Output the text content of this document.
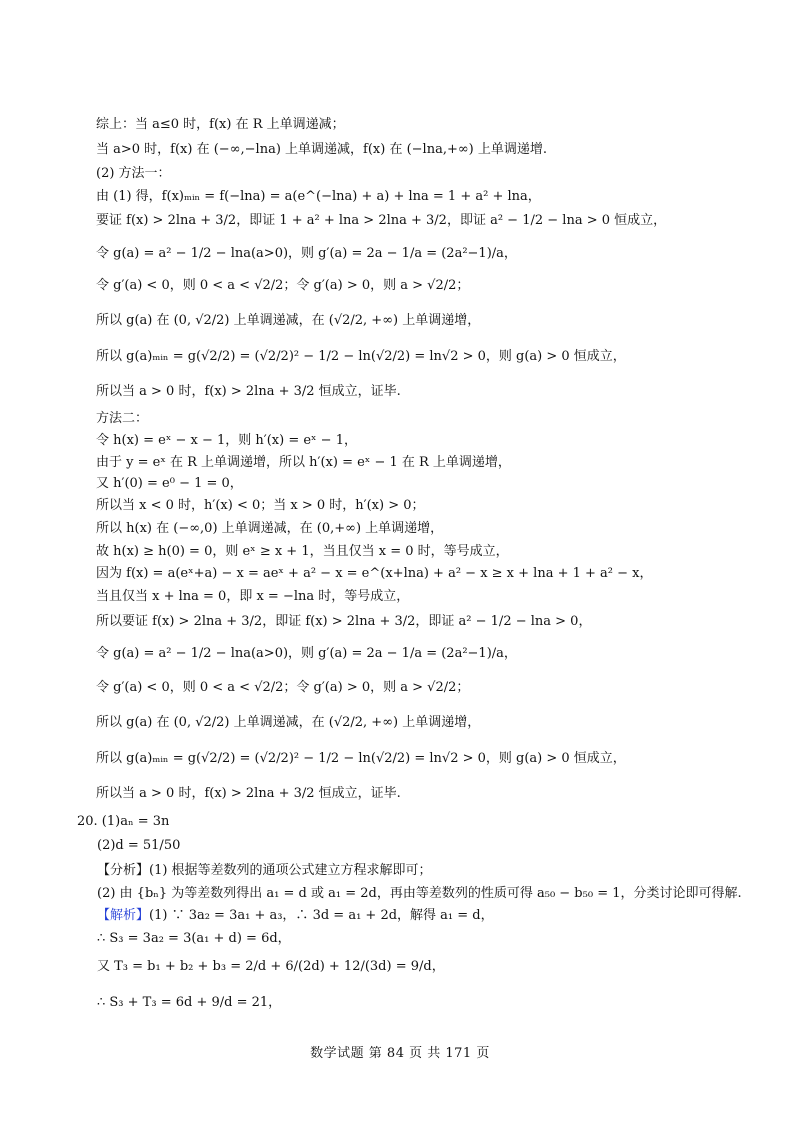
综上：当 a≤0 时，f(x) 在 R 上单调递减；
当 a>0 时，f(x) 在 (−∞,−lna) 上单调递减，f(x) 在 (−lna,+∞) 上单调递增.
(2) 方法一：
由 (1) 得，f(x)ₘᵢₙ = f(−lna) = a(e^(−lna) + a) + lna = 1 + a² + lna，
要证 f(x) > 2lna + 3/2，即证 1 + a² + lna > 2lna + 3/2，即证 a² − 1/2 − lna > 0 恒成立，
令 g(a) = a² − 1/2 − lna(a>0)，则 g′(a) = 2a − 1/a = (2a²−1)/a，
令 g′(a) < 0，则 0 < a < √2/2；令 g′(a) > 0，则 a > √2/2；
所以 g(a) 在 (0, √2/2) 上单调递减，在 (√2/2, +∞) 上单调递增，
所以 g(a)ₘᵢₙ = g(√2/2) = (√2/2)² − 1/2 − ln(√2/2) = ln√2 > 0，则 g(a) > 0 恒成立，
所以当 a > 0 时，f(x) > 2lna + 3/2 恒成立，证毕.
方法二：
令 h(x) = eˣ − x − 1，则 h′(x) = eˣ − 1，
由于 y = eˣ 在 R 上单调递增，所以 h′(x) = eˣ − 1 在 R 上单调递增，
又 h′(0) = e⁰ − 1 = 0，
所以当 x < 0 时，h′(x) < 0；当 x > 0 时，h′(x) > 0；
所以 h(x) 在 (−∞,0) 上单调递减，在 (0,+∞) 上单调递增，
故 h(x) ≥ h(0) = 0，则 eˣ ≥ x + 1，当且仅当 x = 0 时，等号成立，
因为 f(x) = a(eˣ+a) − x = aeˣ + a² − x = e^(x+lna) + a² − x ≥ x + lna + 1 + a² − x，
当且仅当 x + lna = 0，即 x = −lna 时，等号成立，
所以要证 f(x) > 2lna + 3/2，即证 f(x) > 2lna + 3/2，即证 a² − 1/2 − lna > 0，
令 g(a) = a² − 1/2 − lna(a>0)，则 g′(a) = 2a − 1/a = (2a²−1)/a，
令 g′(a) < 0，则 0 < a < √2/2；令 g′(a) > 0，则 a > √2/2；
所以 g(a) 在 (0, √2/2) 上单调递减，在 (√2/2, +∞) 上单调递增，
所以 g(a)ₘᵢₙ = g(√2/2) = (√2/2)² − 1/2 − ln(√2/2) = ln√2 > 0，则 g(a) > 0 恒成立，
所以当 a > 0 时，f(x) > 2lna + 3/2 恒成立，证毕.
20. (1)aₙ = 3n
(2)d = 51/50
【分析】(1) 根据等差数列的通项公式建立方程求解即可；
(2) 由 {bₙ} 为等差数列得出 a₁ = d 或 a₁ = 2d，再由等差数列的性质可得 a₅₀ − b₅₀ = 1，分类讨论即可得解.
【解析】(1) ∵ 3a₂ = 3a₁ + a₃，∴ 3d = a₁ + 2d，解得 a₁ = d，
∴ S₃ = 3a₂ = 3(a₁ + d) = 6d，
又 T₃ = b₁ + b₂ + b₃ = 2/d + 6/(2d) + 12/(3d) = 9/d，
∴ S₃ + T₃ = 6d + 9/d = 21，
数学试题 第 84 页 共 171 页
